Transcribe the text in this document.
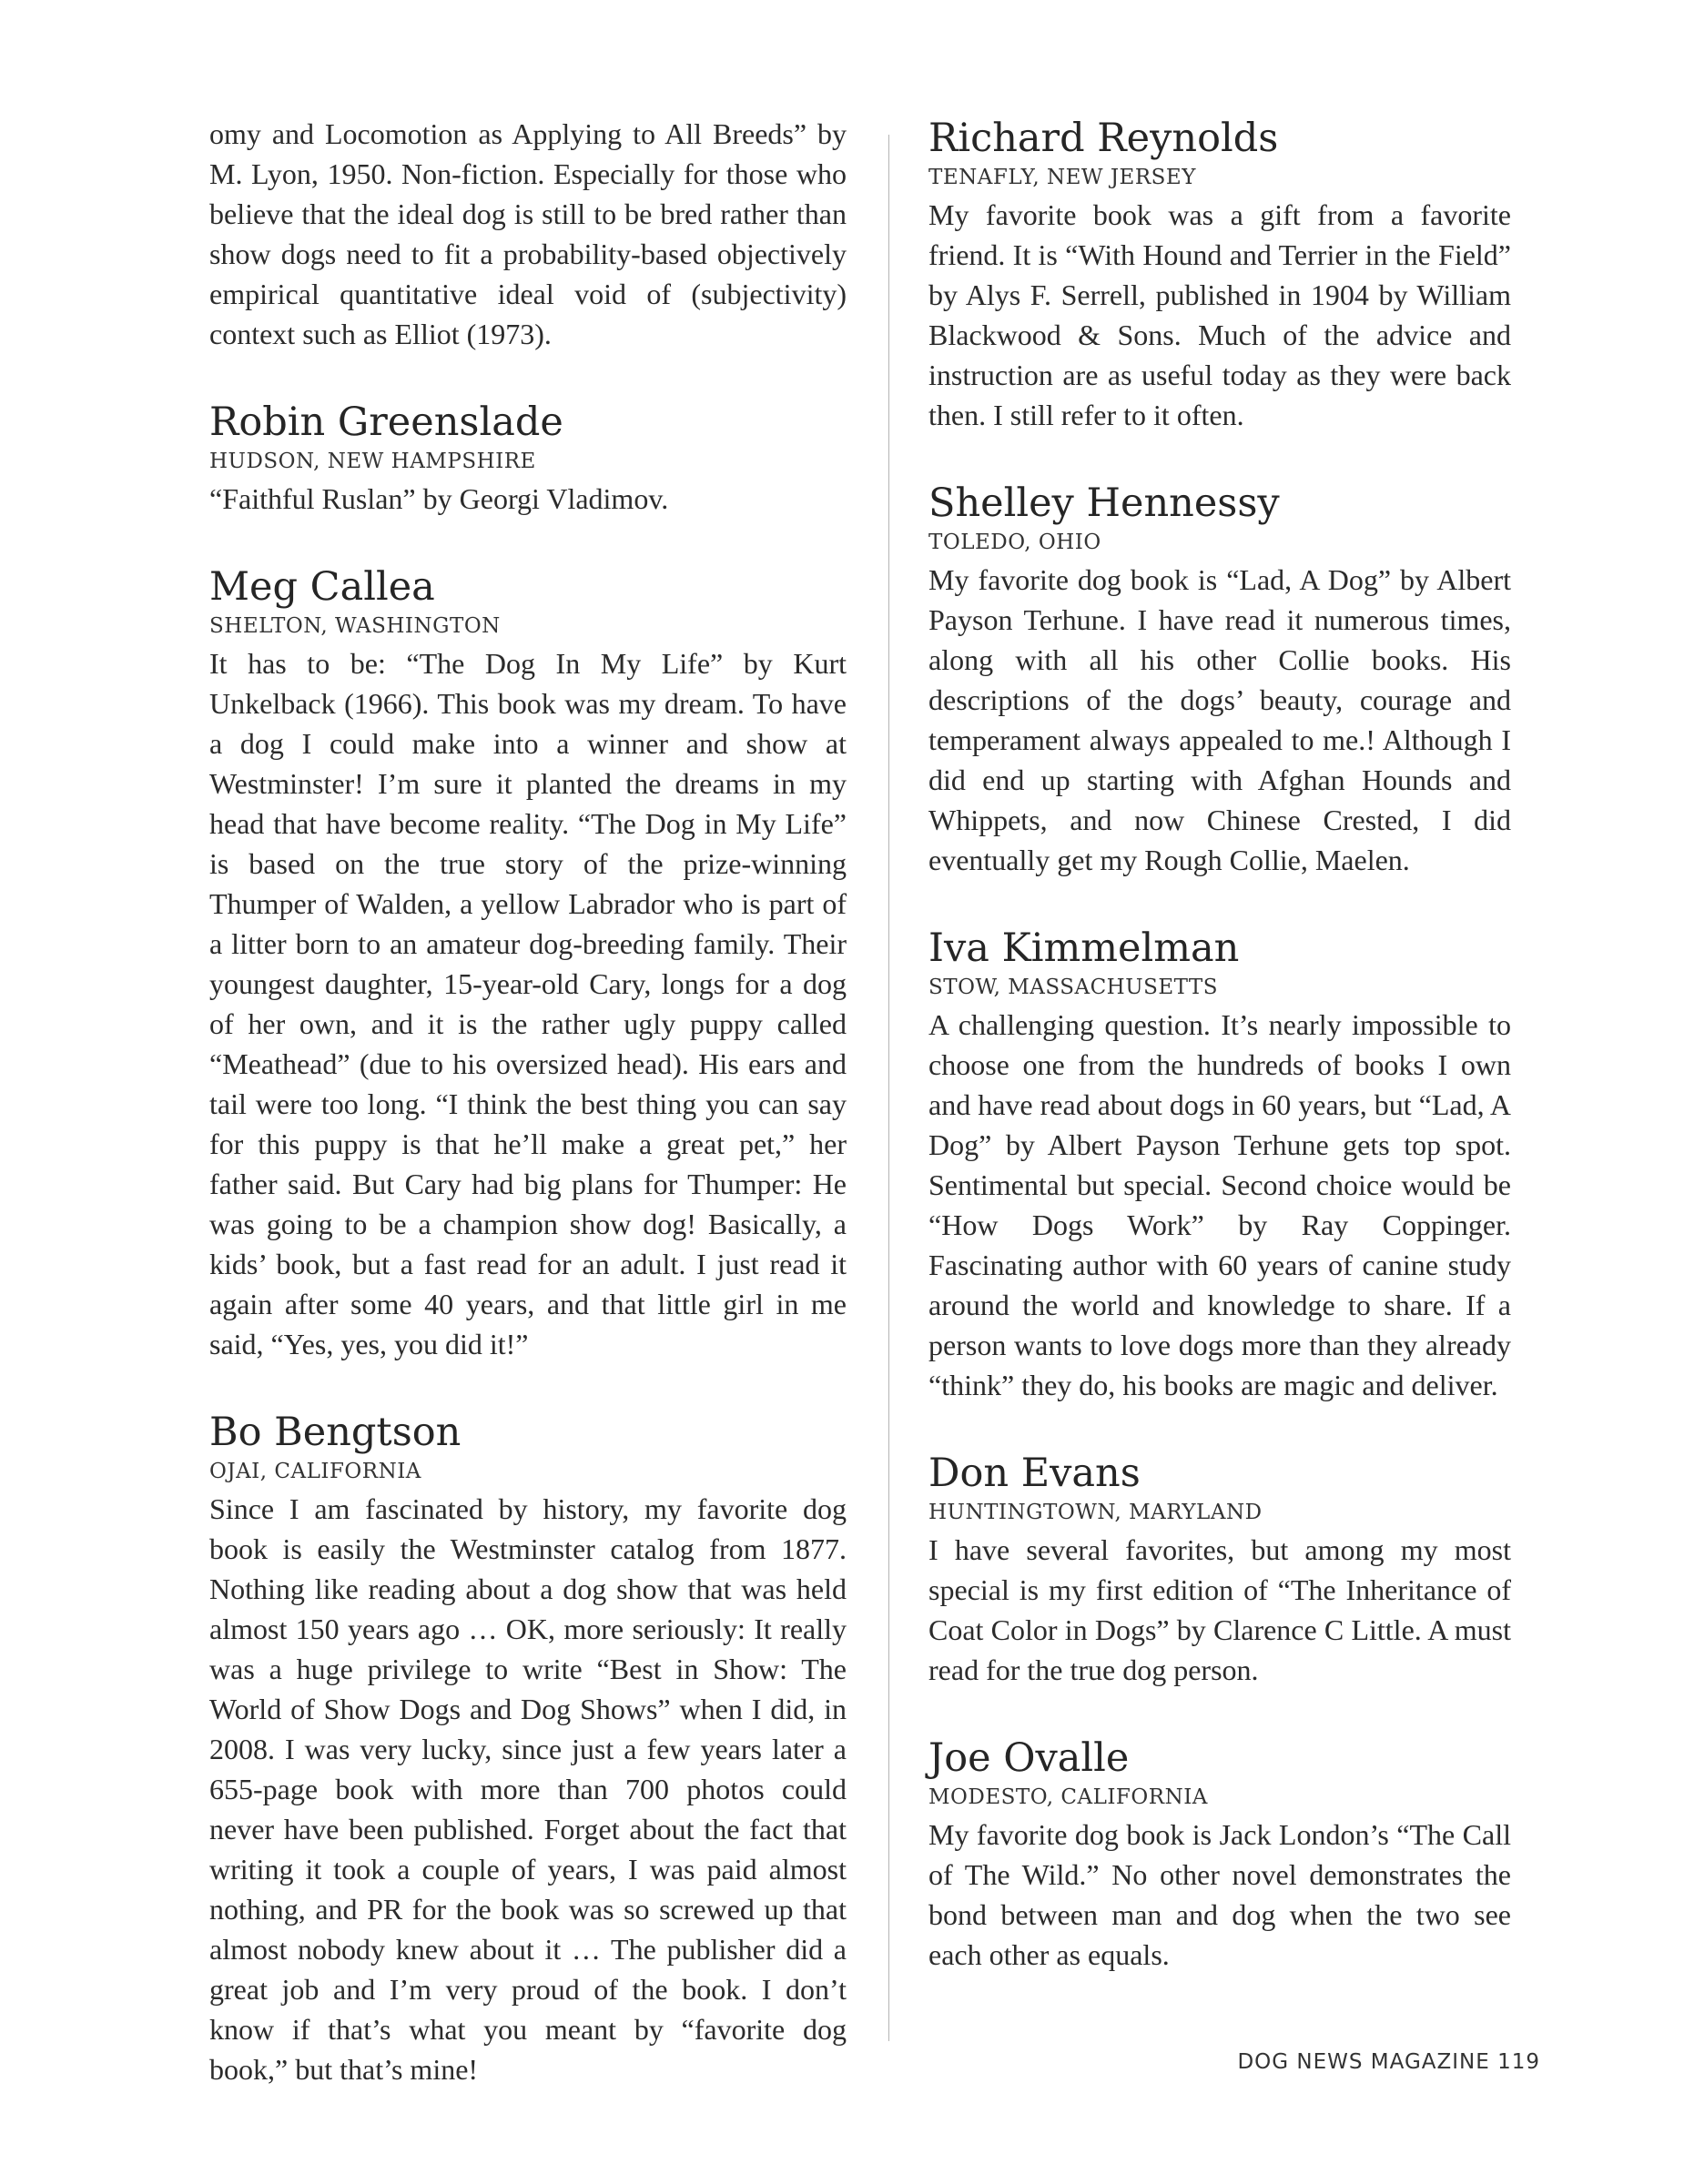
omy and Locomotion as Applying to All Breeds” by M. Lyon, 1950. Non-fiction. Especially for those who believe that the ideal dog is still to be bred rather than show dogs need to fit a probability-based objectively empirical quantitative ideal void of (subjectivity) context such as Elliot (1973).

Robin Greenslade
HUDSON, NEW HAMPSHIRE

“Faithful Ruslan” by Georgi Vladimov.

Meg Callea
SHELTON, WASHINGTON

It has to be: “The Dog In My Life” by Kurt Unkelback (1966). This book was my dream. To have a dog I could make into a winner and show at Westminster! I’m sure it planted the dreams in my head that have become reality. “The Dog in My Life” is based on the true story of the prize-winning Thumper of Walden, a yellow Labrador who is part of a litter born to an amateur dog-breeding family. Their youngest daughter, 15-year-old Cary, longs for a dog of her own, and it is the rather ugly puppy called “Meathead” (due to his oversized head). His ears and tail were too long. “I think the best thing you can say for this puppy is that he’ll make a great pet,” her father said. But Cary had big plans for Thumper: He was going to be a champion show dog! Basically, a kids’ book, but a fast read for an adult. I just read it again after some 40 years, and that little girl in me said, “Yes, yes, you did it!”

Bo Bengtson
OJAI, CALIFORNIA

Since I am fascinated by history, my favorite dog book is easily the Westminster catalog from 1877. Nothing like reading about a dog show that was held almost 150 years ago … OK, more seriously: It really was a huge privilege to write “Best in Show: The World of Show Dogs and Dog Shows” when I did, in 2008. I was very lucky, since just a few years later a 655-page book with more than 700 photos could never have been published. Forget about the fact that writing it took a couple of years, I was paid almost nothing, and PR for the book was so screwed up that almost nobody knew about it … The publisher did a great job and I’m very proud of the book. I don’t know if that’s what you meant by “favorite dog book,” but that’s mine!

Richard Reynolds
TENAFLY, NEW JERSEY

My favorite book was a gift from a favorite friend. It is “With Hound and Terrier in the Field” by Alys F. Serrell, published in 1904 by William Blackwood & Sons. Much of the advice and instruction are as useful today as they were back then. I still refer to it often.

Shelley Hennessy
TOLEDO, OHIO

My favorite dog book is “Lad, A Dog” by Albert Payson Terhune. I have read it numerous times, along with all his other Collie books. His descriptions of the dogs’ beauty, courage and temperament always appealed to me.! Although I did end up starting with Afghan Hounds and Whippets, and now Chinese Crested, I did eventually get my Rough Collie, Maelen.

Iva Kimmelman
STOW, MASSACHUSETTS

A challenging question. It’s nearly impossible to choose one from the hundreds of books I own and have read about dogs in 60 years, but “Lad, A Dog” by Albert Payson Terhune gets top spot. Sentimental but special. Second choice would be “How Dogs Work” by Ray Coppinger. Fascinating author with 60 years of canine study around the world and knowledge to share. If a person wants to love dogs more than they already “think” they do, his books are magic and deliver.

Don Evans
HUNTINGTOWN, MARYLAND

I have several favorites, but among my most special is my first edition of “The Inheritance of Coat Color in Dogs” by Clarence C Little. A must read for the true dog person.

Joe Ovalle
MODESTO, CALIFORNIA

My favorite dog book is Jack London’s “The Call of The Wild.” No other novel demonstrates the bond between man and dog when the two see each other as equals.

DOG NEWS MAGAZINE 119
